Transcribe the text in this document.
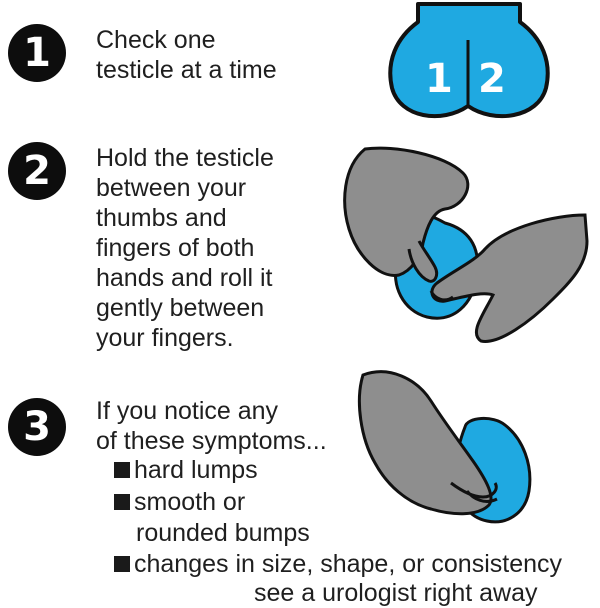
1
2
3
Check one
testicle at a time
Hold the testicle
between your
thumbs and
fingers of both
hands and roll it
gently between
your fingers.
If you notice any
of these symptoms...
hard lumps
smooth or
rounded bumps
changes in size, shape, or consistency
see a urologist right away
1 2
